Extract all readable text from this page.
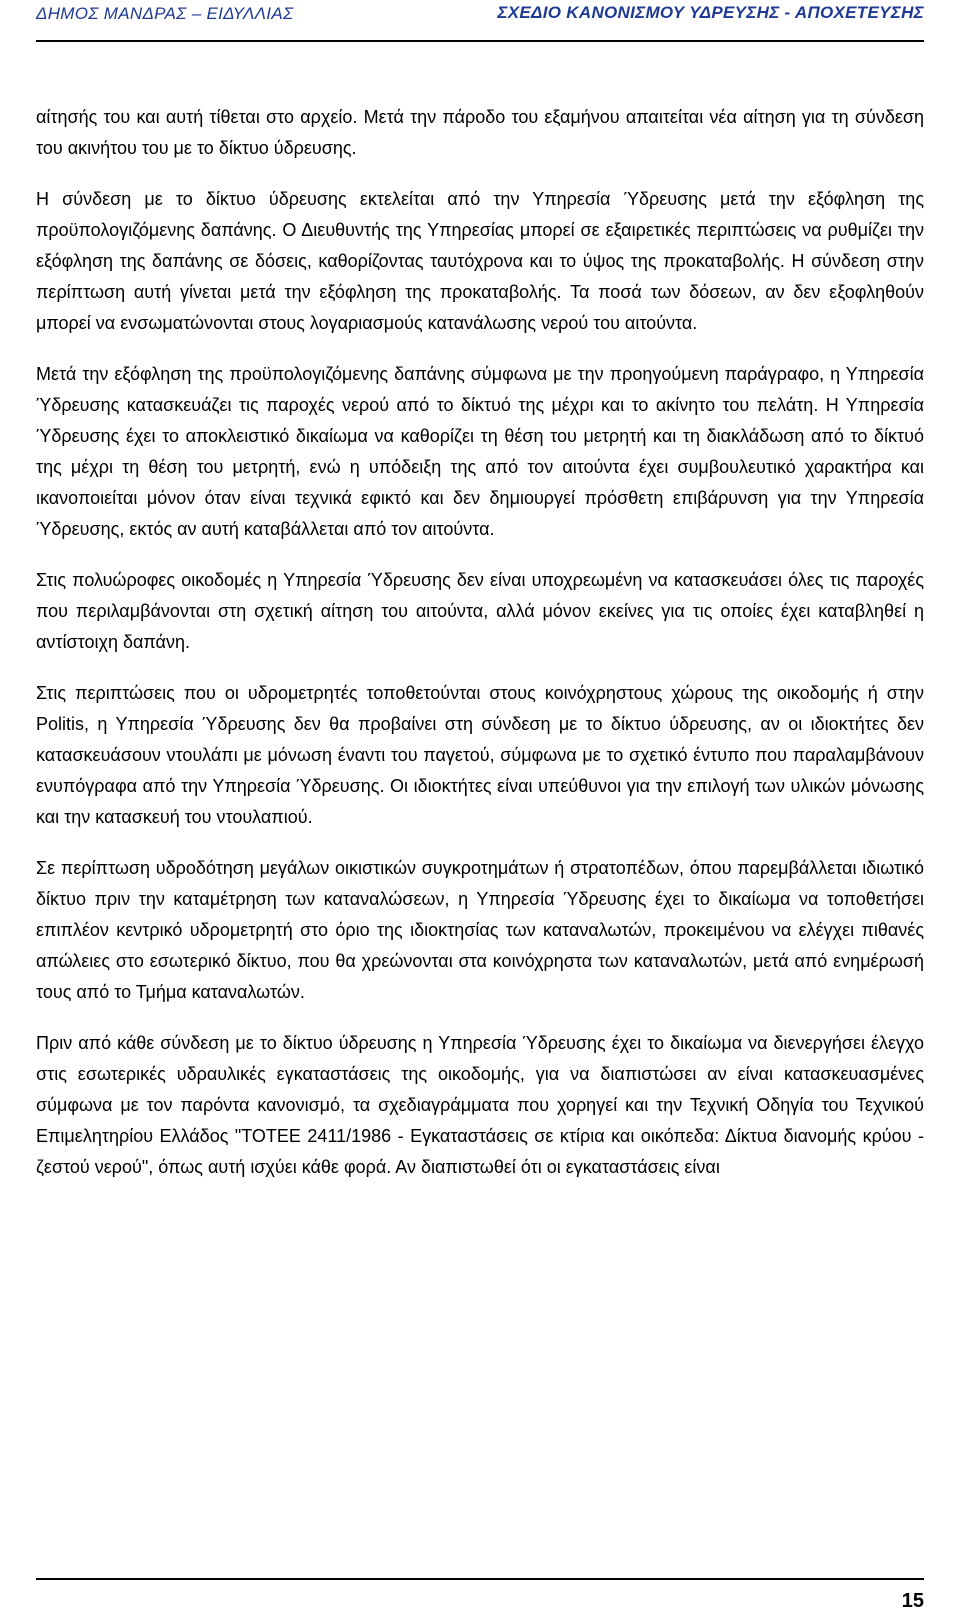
ΔΗΜΟΣ ΜΑΝΔΡΑΣ – ΕΙΔΥΛΛΙΑΣ	ΣΧΕΔΙΟ ΚΑΝΟΝΙΣΜΟΥ ΥΔΡΕΥΣΗΣ - ΑΠΟΧΕΤΕΥΣΗΣ

αίτησής του και αυτή τίθεται στο αρχείο. Μετά την πάροδο του εξαμήνου απαιτείται νέα αίτηση για τη σύνδεση του ακινήτου του με το δίκτυο ύδρευσης.

Η σύνδεση με το δίκτυο ύδρευσης εκτελείται από την Υπηρεσία Ύδρευσης μετά την εξόφληση της προϋπολογιζόμενης δαπάνης. Ο Διευθυντής της Υπηρεσίας μπορεί σε εξαιρετικές περιπτώσεις να ρυθμίζει την εξόφληση της δαπάνης σε δόσεις, καθορίζοντας ταυτόχρονα και το ύψος της προκαταβολής. Η σύνδεση στην περίπτωση αυτή γίνεται μετά την εξόφληση της προκαταβολής. Τα ποσά των δόσεων, αν δεν εξοφληθούν μπορεί να ενσωματώνονται στους λογαριασμούς κατανάλωσης νερού του αιτούντα.

Μετά την εξόφληση της προϋπολογιζόμενης δαπάνης σύμφωνα με την προηγούμενη παράγραφο, η Υπηρεσία Ύδρευσης κατασκευάζει τις παροχές νερού από το δίκτυό της μέχρι και το ακίνητο του πελάτη. Η Υπηρεσία Ύδρευσης έχει το αποκλειστικό δικαίωμα να καθορίζει τη θέση του μετρητή και τη διακλάδωση από το δίκτυό της μέχρι τη θέση του μετρητή, ενώ η υπόδειξη της από τον αιτούντα έχει συμβουλευτικό χαρακτήρα και ικανοποιείται μόνον όταν είναι τεχνικά εφικτό και δεν δημιουργεί πρόσθετη επιβάρυνση για την Υπηρεσία Ύδρευσης, εκτός αν αυτή καταβάλλεται από τον αιτούντα.

Στις πολυώροφες οικοδομές η Υπηρεσία Ύδρευσης δεν είναι υποχρεωμένη να κατασκευάσει όλες τις παροχές που περιλαμβάνονται στη σχετική αίτηση του αιτούντα, αλλά μόνον εκείνες για τις οποίες έχει καταβληθεί η αντίστοιχη δαπάνη.

Στις περιπτώσεις που οι υδρομετρητές τοποθετούνται στους κοινόχρηστους χώρους της οικοδομής ή στην Politis, η Υπηρεσία Ύδρευσης δεν θα προβαίνει στη σύνδεση με το δίκτυο ύδρευσης, αν οι ιδιοκτήτες δεν κατασκευάσουν ντουλάπι με μόνωση έναντι του παγετού, σύμφωνα με το σχετικό έντυπο που παραλαμβάνουν ενυπόγραφα από την Υπηρεσία Ύδρευσης. Οι ιδιοκτήτες είναι υπεύθυνοι για την επιλογή των υλικών μόνωσης και την κατασκευή του ντουλαπιού.

Σε περίπτωση υδροδότηση μεγάλων οικιστικών συγκροτημάτων ή στρατοπέδων, όπου παρεμβάλλεται ιδιωτικό δίκτυο πριν την καταμέτρηση των καταναλώσεων, η Υπηρεσία Ύδρευσης έχει το δικαίωμα να τοποθετήσει επιπλέον κεντρικό υδρομετρητή στο όριο της ιδιοκτησίας των καταναλωτών, προκειμένου να ελέγχει πιθανές απώλειες στο εσωτερικό δίκτυο, που θα χρεώνονται στα κοινόχρηστα των καταναλωτών, μετά από ενημέρωσή τους από το Τμήμα καταναλωτών.

Πριν από κάθε σύνδεση με το δίκτυο ύδρευσης η Υπηρεσία Ύδρευσης έχει το δικαίωμα να διενεργήσει έλεγχο στις εσωτερικές υδραυλικές εγκαταστάσεις της οικοδομής, για να διαπιστώσει αν είναι κατασκευασμένες σύμφωνα με τον παρόντα κανονισμό, τα σχεδιαγράμματα που χορηγεί και την Τεχνική Οδηγία του Τεχνικού Επιμελητηρίου Ελλάδος "ΤΟΤΕΕ 2411/1986 - Εγκαταστάσεις σε κτίρια και οικόπεδα: Δίκτυα διανομής κρύου - ζεστού νερού", όπως αυτή ισχύει κάθε φορά. Αν διαπιστωθεί ότι οι εγκαταστάσεις είναι

15
